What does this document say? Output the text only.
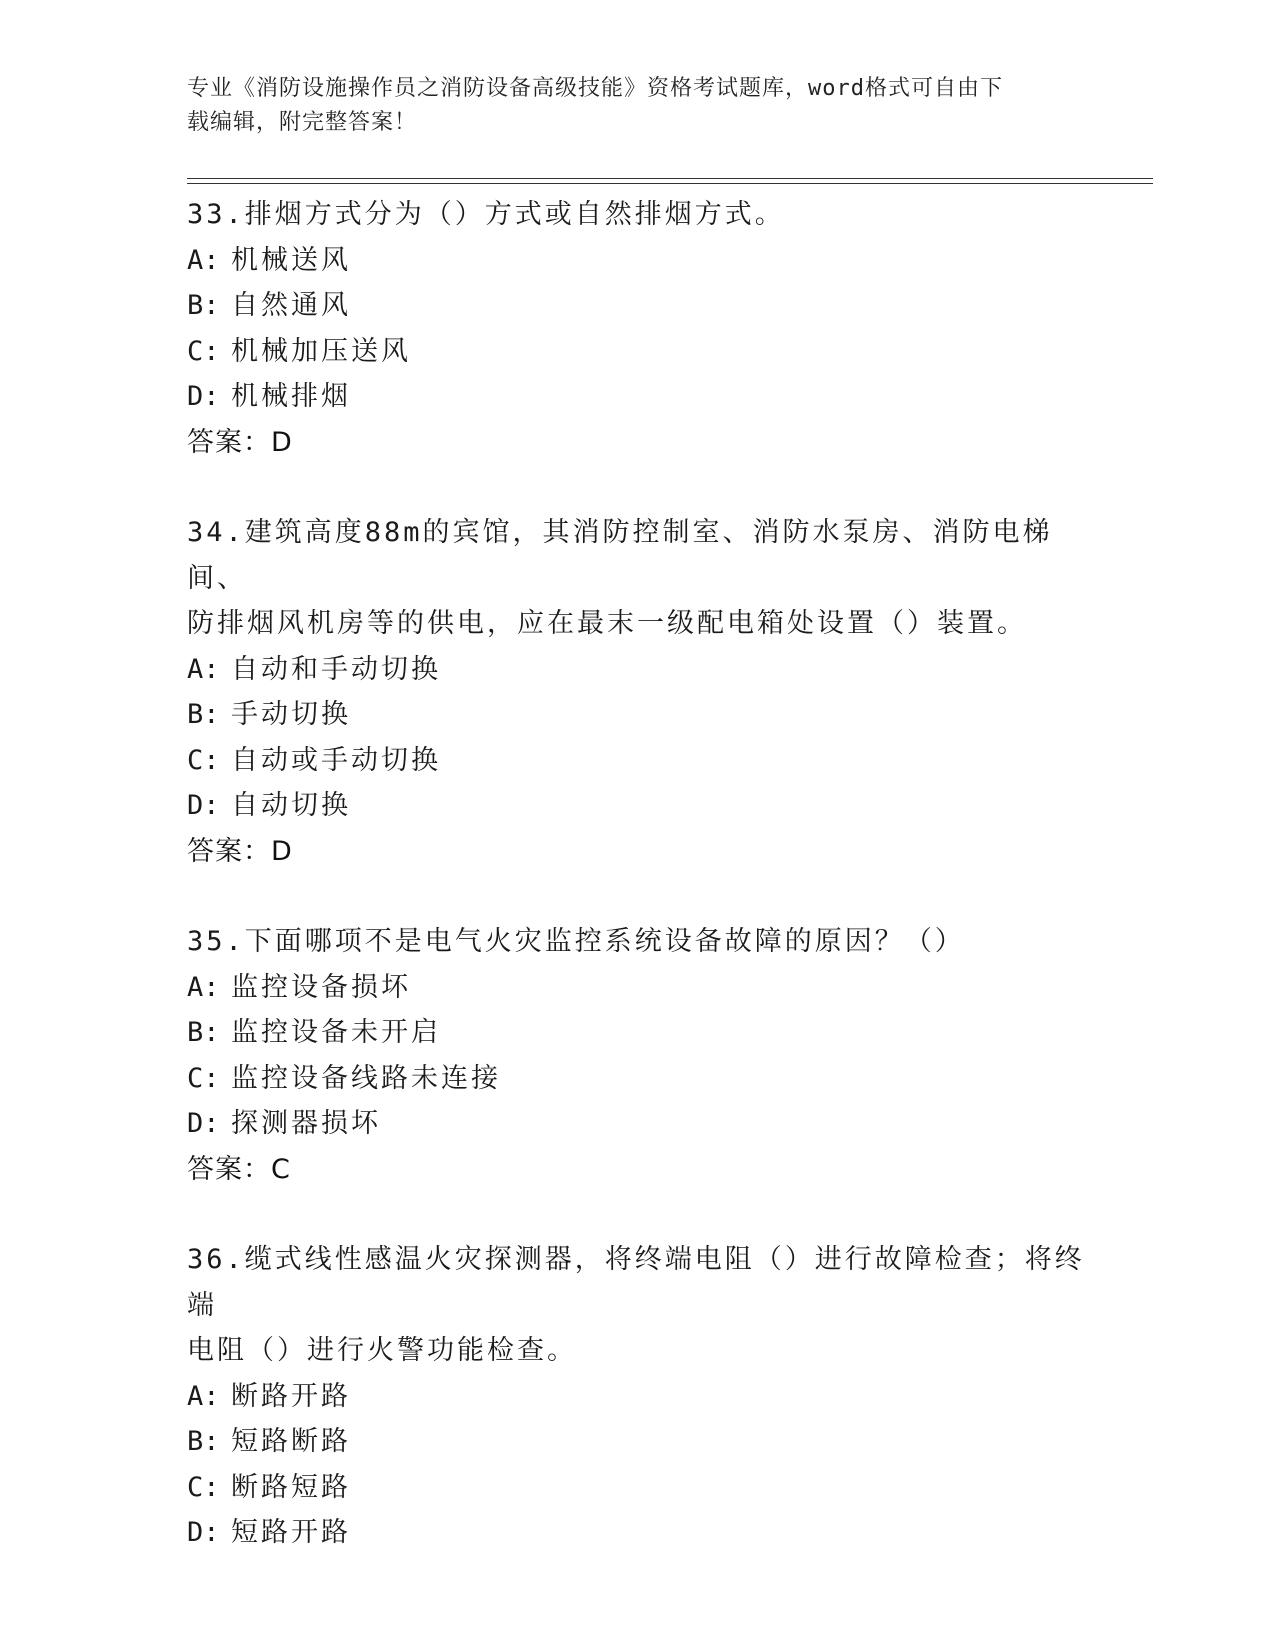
专业《消防设施操作员之消防设备高级技能》资格考试题库，word格式可自由下
载编辑，附完整答案！
33.排烟方式分为（）方式或自然排烟方式。
A: 机械送风
B: 自然通风
C: 机械加压送风
D: 机械排烟
答案：D
34.建筑高度88m的宾馆，其消防控制室、消防水泵房、消防电梯间、
防排烟风机房等的供电，应在最末一级配电箱处设置（）装置。
A: 自动和手动切换
B: 手动切换
C: 自动或手动切换
D: 自动切换
答案：D
35.下面哪项不是电气火灾监控系统设备故障的原因？（）
A: 监控设备损坏
B: 监控设备未开启
C: 监控设备线路未连接
D: 探测器损坏
答案：C
36.缆式线性感温火灾探测器，将终端电阻（）进行故障检查；将终端
电阻（）进行火警功能检查。
A: 断路开路
B: 短路断路
C: 断路短路
D: 短路开路
